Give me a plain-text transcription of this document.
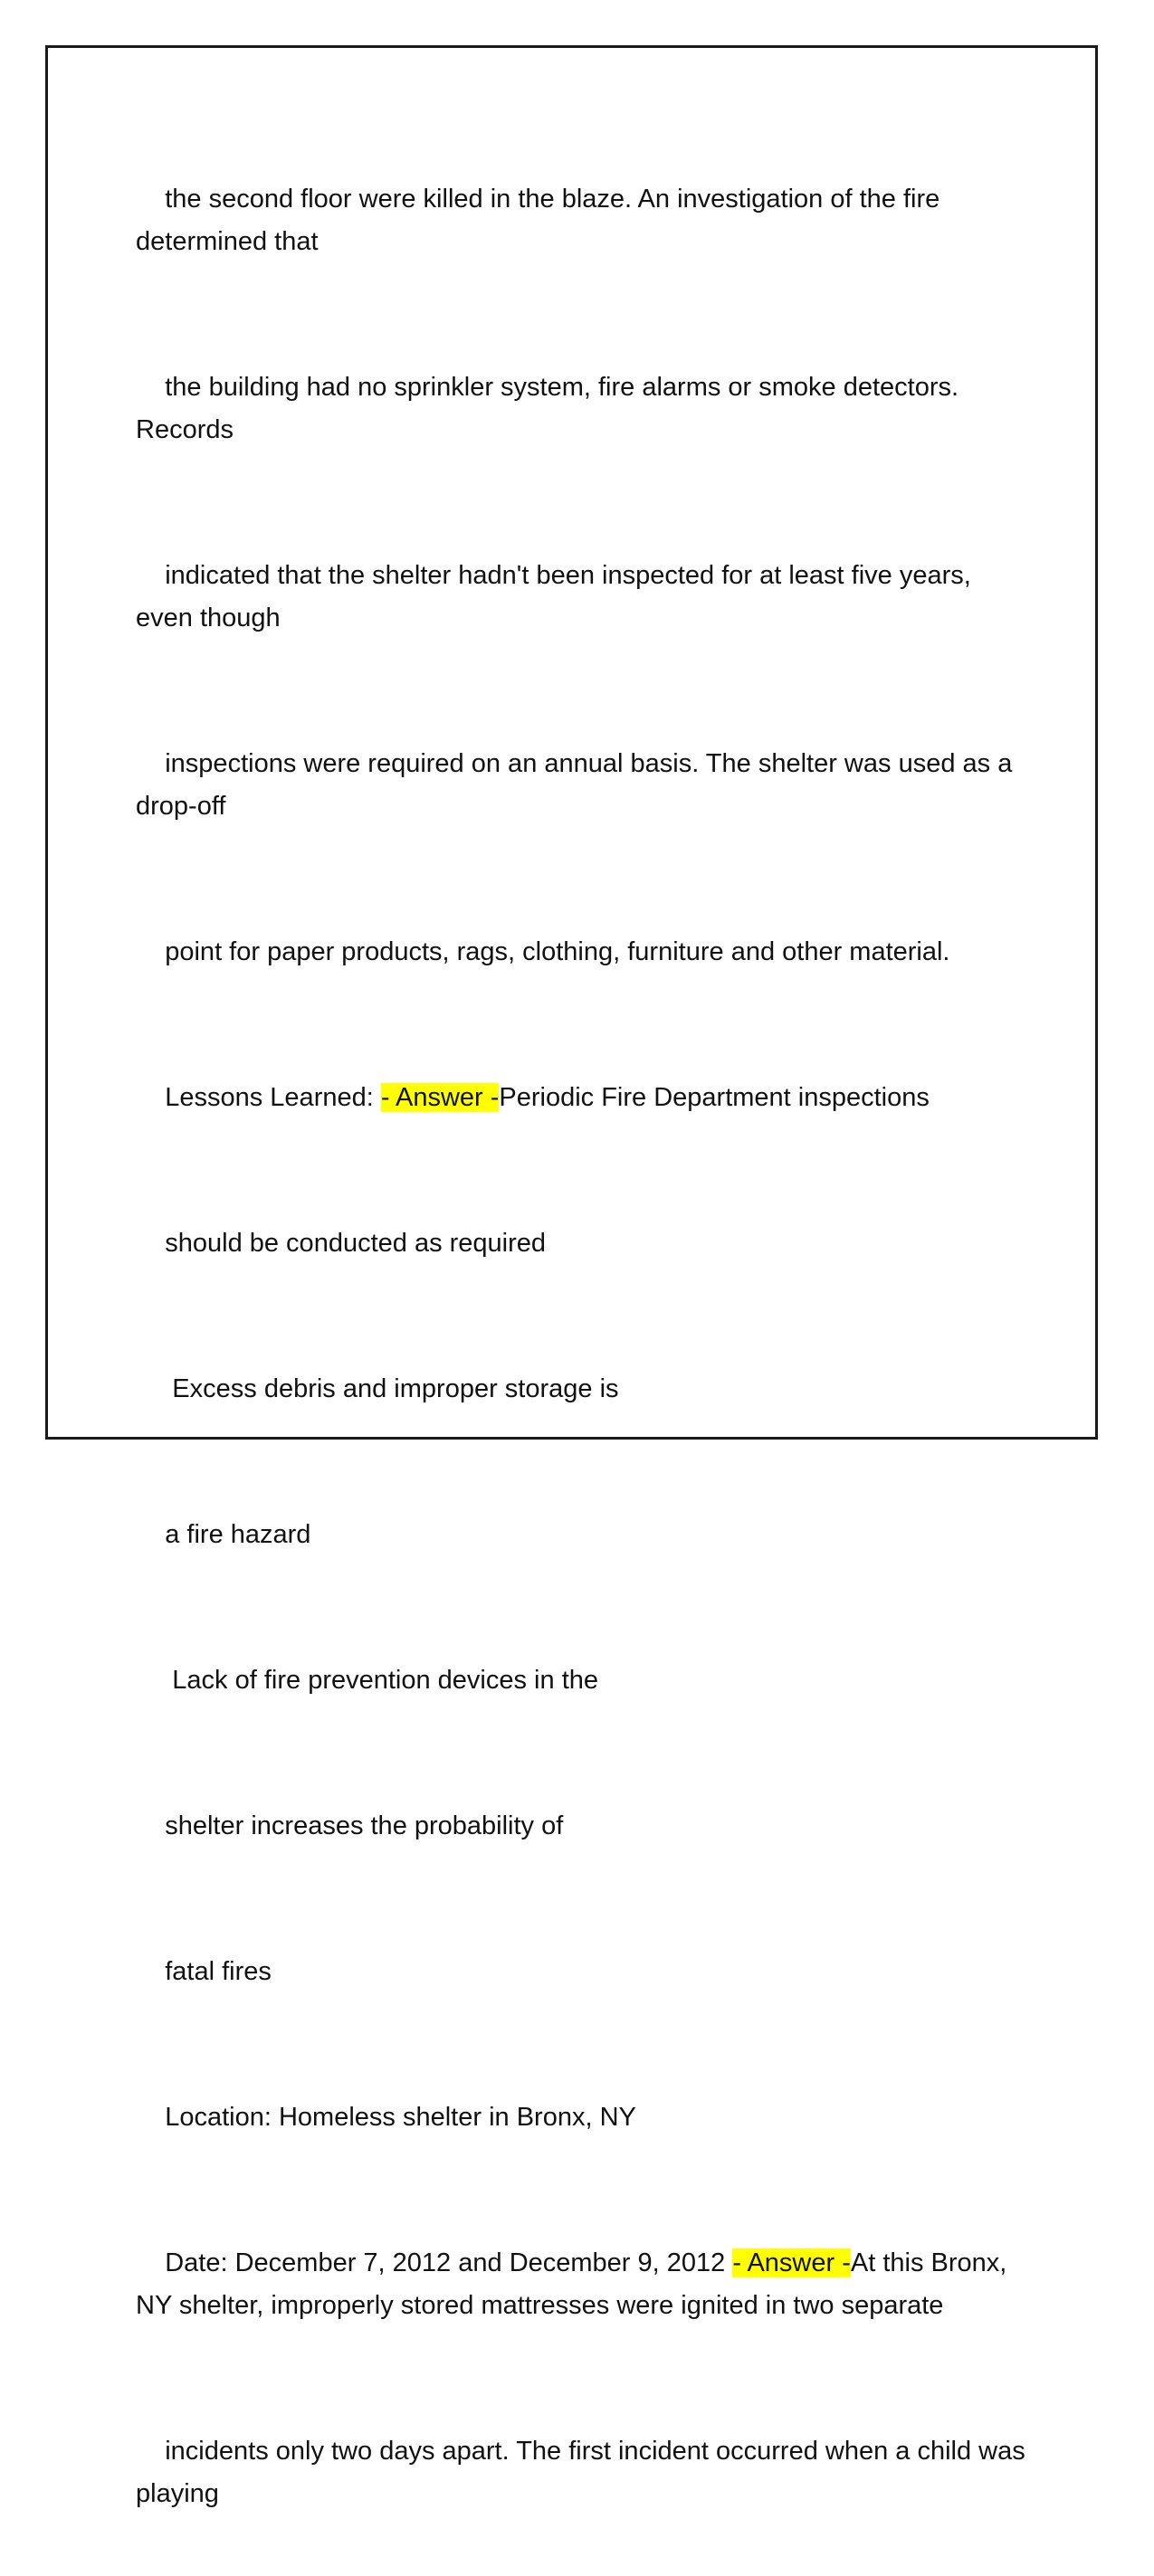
the second floor were killed in the blaze. An investigation of the fire determined that

the building had no sprinkler system, fire alarms or smoke detectors. Records

indicated that the shelter hadn't been inspected for at least five years, even though

inspections were required on an annual basis. The shelter was used as a drop-off

point for paper products, rags, clothing, furniture and other material.

Lessons Learned: - Answer -Periodic Fire Department inspections

should be conducted as required

Excess debris and improper storage is

a fire hazard

Lack of fire prevention devices in the

shelter increases the probability of

fatal fires

Location: Homeless shelter in Bronx, NY

Date: December 7, 2012 and December 9, 2012 - Answer -At this Bronx, NY shelter, improperly stored mattresses were ignited in two separate

incidents only two days apart. The first incident occurred when a child was playing
